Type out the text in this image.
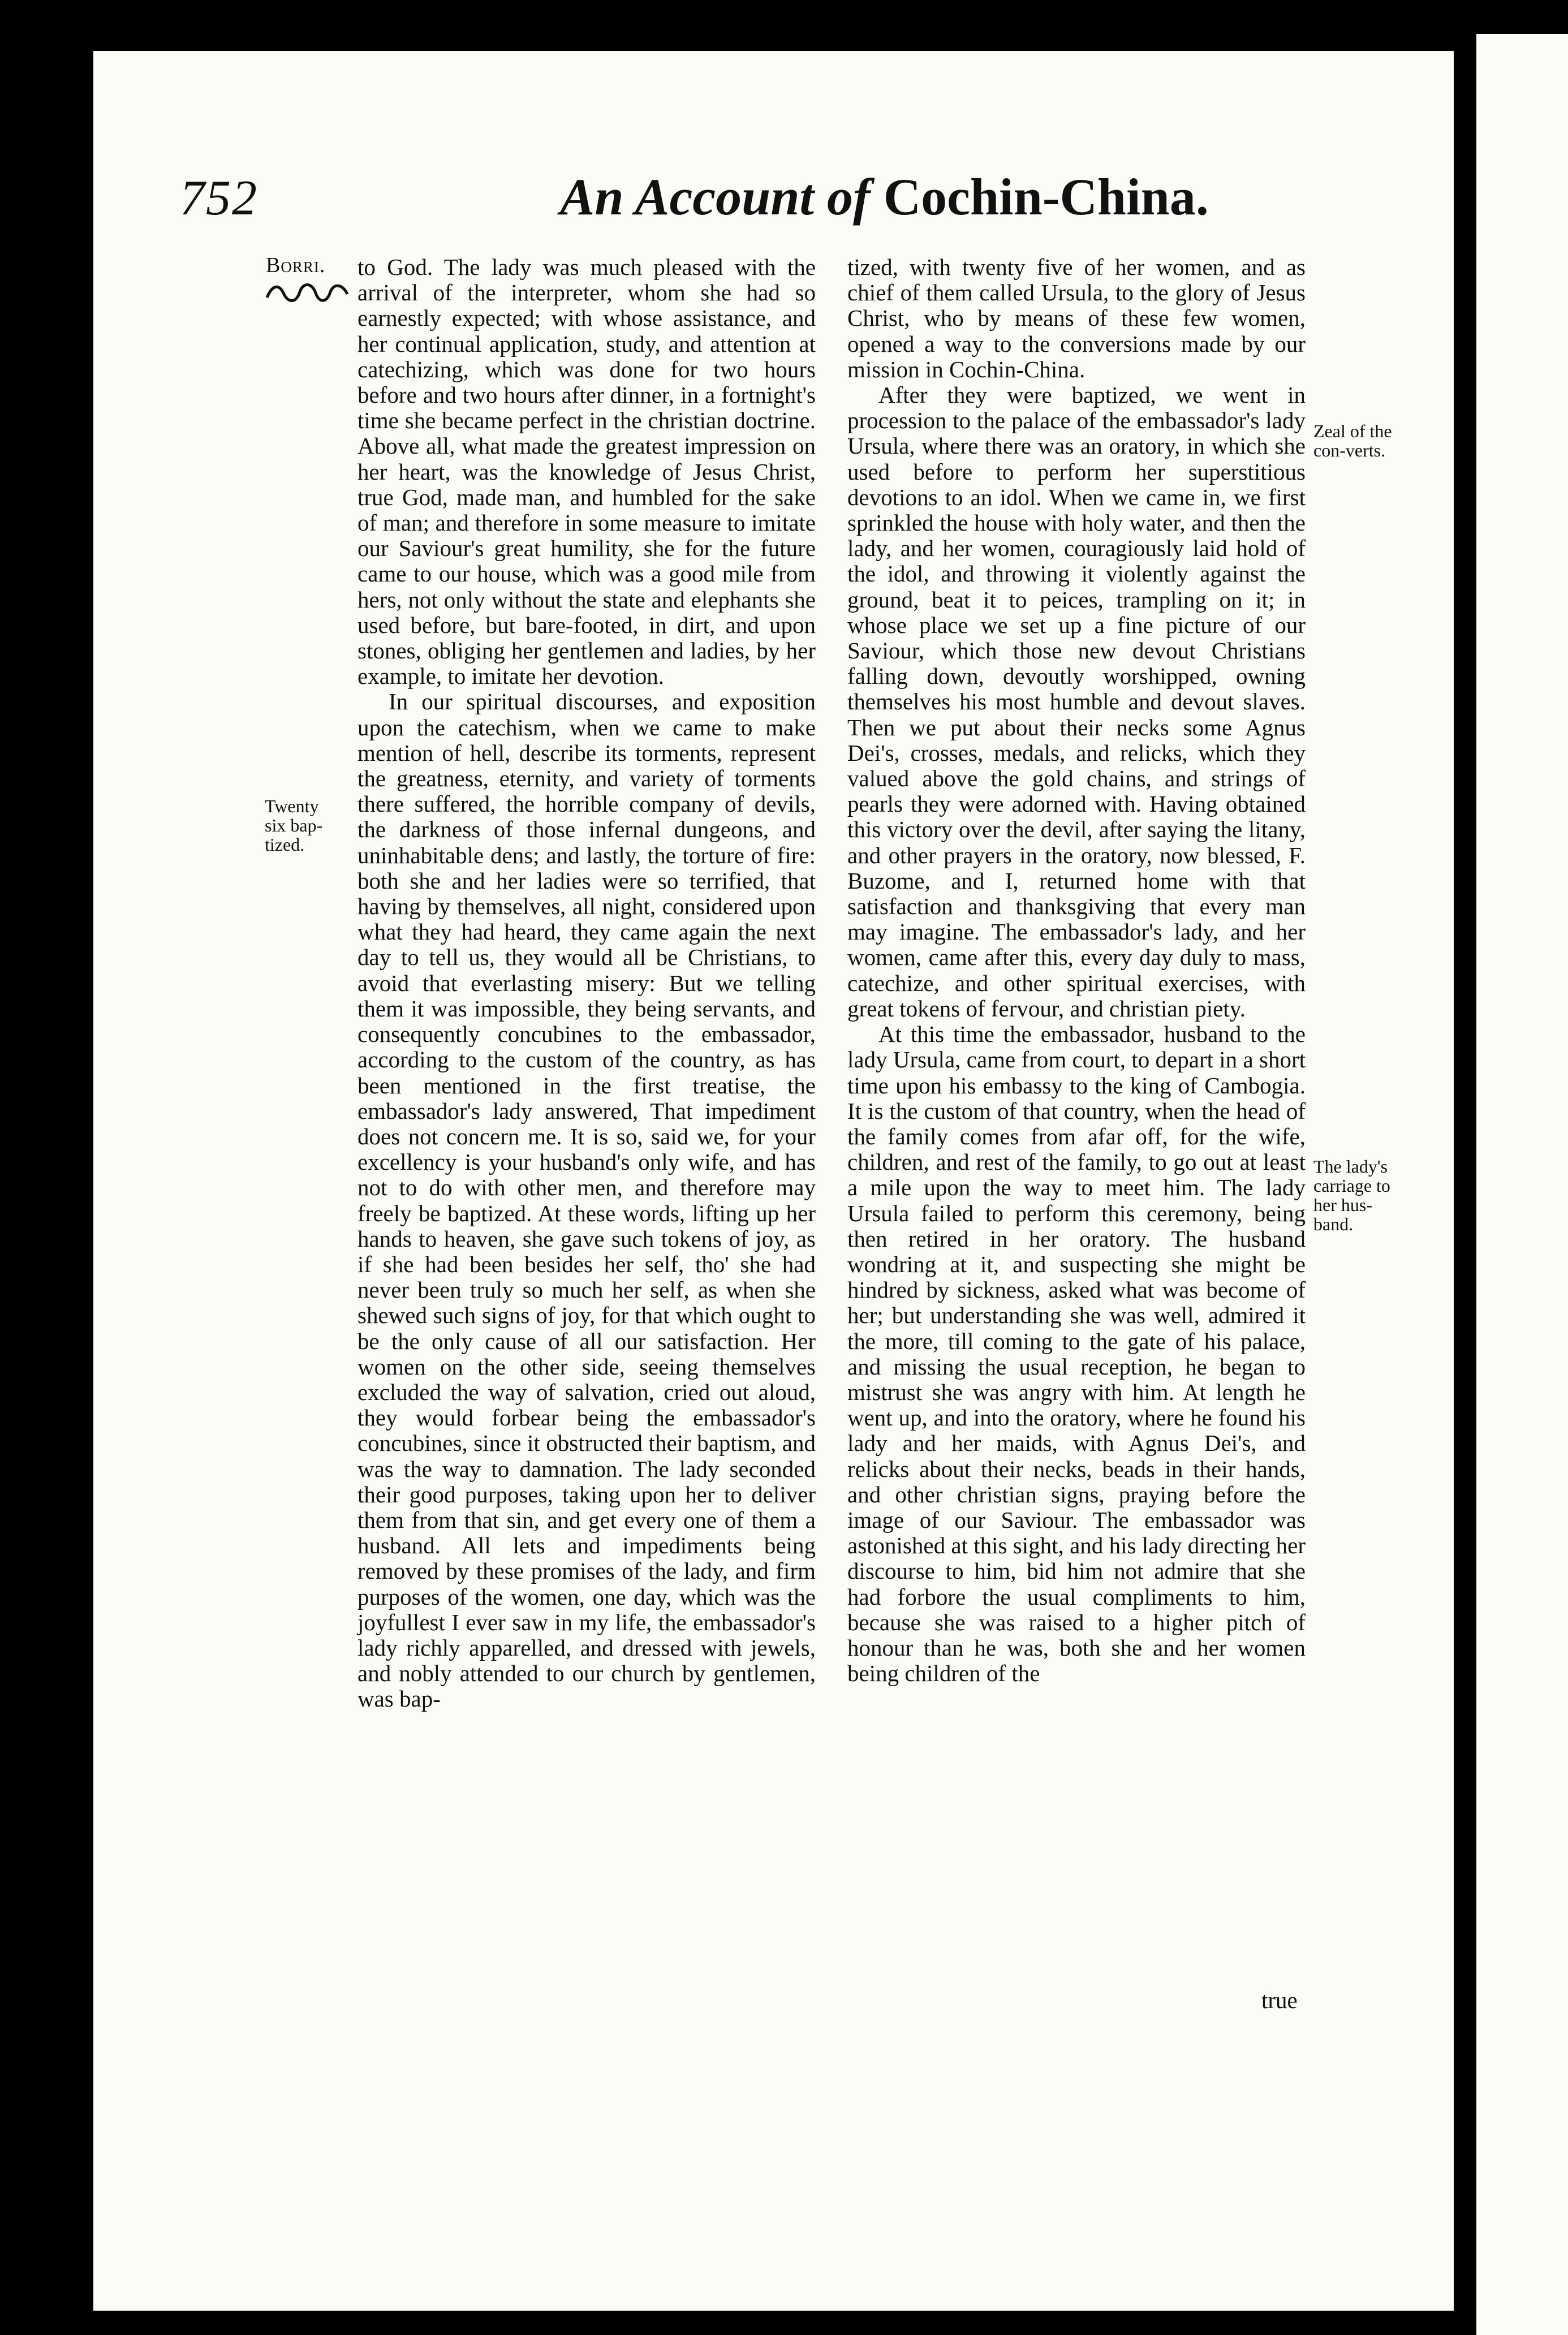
752	An Account of Cochin-China.
Borri.
Twenty six bap-tized.
Zeal of the con-verts.
The lady's carriage to her hus-band.

to God. The lady was much pleased with the arrival of the interpreter, whom she had so earnestly expected; with whose assistance, and her continual application, study, and attention at catechizing, which was done for two hours before and two hours after dinner, in a fortnight's time she became perfect in the christian doctrine. Above all, what made the greatest impression on her heart, was the knowledge of Jesus Christ, true God, made man, and humbled for the sake of man; and therefore in some measure to imitate our Saviour's great humility, she for the future came to our house, which was a good mile from hers, not only without the state and elephants she used before, but bare-footed, in dirt, and upon stones, obliging her gentlemen and ladies, by her example, to imitate her devotion.

In our spiritual discourses, and exposition upon the catechism, when we came to make mention of hell, describe its torments, represent the greatness, eternity, and variety of torments there suffered, the horrible company of devils, the darkness of those infernal dungeons, and uninhabitable dens; and lastly, the torture of fire: both she and her ladies were so terrified, that having by themselves, all night, considered upon what they had heard, they came again the next day to tell us, they would all be Christians, to avoid that everlasting misery: But we telling them it was impossible, they being servants, and consequently concubines to the embassador, according to the custom of the country, as has been mentioned in the first treatise, the embassador's lady answered, That impediment does not concern me. It is so, said we, for your excellency is your husband's only wife, and has not to do with other men, and therefore may freely be baptized. At these words, lifting up her hands to heaven, she gave such tokens of joy, as if she had been besides her self, tho' she had never been truly so much her self, as when she shewed such signs of joy, for that which ought to be the only cause of all our satisfaction. Her women on the other side, seeing themselves excluded the way of salvation, cried out aloud, they would forbear being the embassador's concubines, since it obstructed their baptism, and was the way to damnation. The lady seconded their good purposes, taking upon her to deliver them from that sin, and get every one of them a husband. All lets and impediments being removed by these promises of the lady, and firm purposes of the women, one day, which was the joyfullest I ever saw in my life, the embassador's lady richly apparelled, and dressed with jewels, and nobly attended to our church by gentlemen, was bap-

tized, with twenty five of her women, and as chief of them called Ursula, to the glory of Jesus Christ, who by means of these few women, opened a way to the conversions made by our mission in Cochin-China.

After they were baptized, we went in procession to the palace of the embassador's lady Ursula, where there was an oratory, in which she used before to perform her superstitious devotions to an idol. When we came in, we first sprinkled the house with holy water, and then the lady, and her women, couragiously laid hold of the idol, and throwing it violently against the ground, beat it to peices, trampling on it; in whose place we set up a fine picture of our Saviour, which those new devout Christians falling down, devoutly worshipped, owning themselves his most humble and devout slaves. Then we put about their necks some Agnus Dei's, crosses, medals, and relicks, which they valued above the gold chains, and strings of pearls they were adorned with. Having obtained this victory over the devil, after saying the litany, and other prayers in the oratory, now blessed, F. Buzome, and I, returned home with that satisfaction and thanksgiving that every man may imagine. The embassador's lady, and her women, came after this, every day duly to mass, catechize, and other spiritual exercises, with great tokens of fervour, and christian piety.

At this time the embassador, husband to the lady Ursula, came from court, to depart in a short time upon his embassy to the king of Cambogia. It is the custom of that country, when the head of the family comes from afar off, for the wife, children, and rest of the family, to go out at least a mile upon the way to meet him. The lady Ursula failed to perform this ceremony, being then retired in her oratory. The husband wondring at it, and suspecting she might be hindred by sickness, asked what was become of her; but understanding she was well, admired it the more, till coming to the gate of his palace, and missing the usual reception, he began to mistrust she was angry with him. At length he went up, and into the oratory, where he found his lady and her maids, with Agnus Dei's, and relicks about their necks, beads in their hands, and other christian signs, praying before the image of our Saviour. The embassador was astonished at this sight, and his lady directing her discourse to him, bid him not admire that she had forbore the usual compliments to him, because she was raised to a higher pitch of honour than he was, both she and her women being children of the

true
